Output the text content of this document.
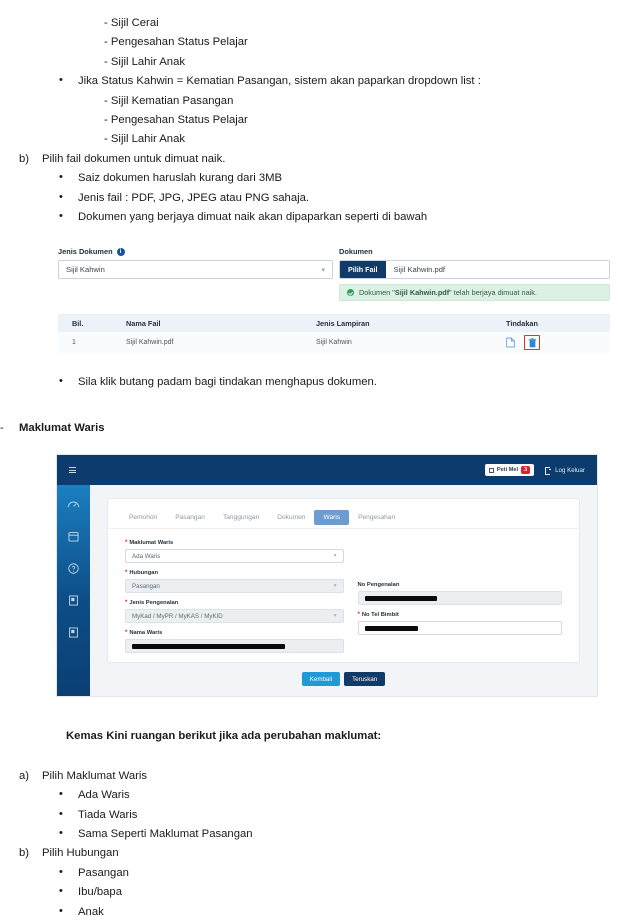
- Sijil Cerai
- Pengesahan Status Pelajar
- Sijil Lahir Anak
• Jika Status Kahwin = Kematian Pasangan, sistem akan paparkan dropdown list :
- Sijil Kematian Pasangan
- Pengesahan Status Pelajar
- Sijil Lahir Anak
b) Pilih fail dokumen untuk dimuat naik.
• Saiz dokumen haruslah kurang dari 3MB
• Jenis fail : PDF, JPG, JPEG atau PNG sahaja.
• Dokumen yang berjaya dimuat naik akan dipaparkan seperti di bawah
Jenis Dokumen	i
Sijil Kahwin	▾
Dokumen
Pilih Fail	Sijil Kahwin.pdf
Dokumen "Sijil Kahwin.pdf" telah berjaya dimuat naik.
Bil.	Nama Fail	Jenis Lampiran	Tindakan
1	Sijil Kahwin.pdf	Sijil Kahwin
• Sila klik butang padam bagi tindakan menghapus dokumen.
- Maklumat Waris
Peti Mel	3	Log Keluar
Pemohon	Pasangan	Tanggungan	Dokumen	Waris	Pengesahan
* Maklumat Waris
Ada Waris	▾
* Hubungan
Pasangan	▾
* Jenis Pengenalan
MyKad / MyPR / MyKAS / MyKID	▾
* Nama Waris
No Pengenalan
* No Tel Bimbit
Kembali	Teruskan
Kemas Kini ruangan berikut jika ada perubahan maklumat:
a) Pilih Maklumat Waris
• Ada Waris
• Tiada Waris
• Sama Seperti Maklumat Pasangan
b) Pilih Hubungan
• Pasangan
• Ibu/bapa
• Anak
